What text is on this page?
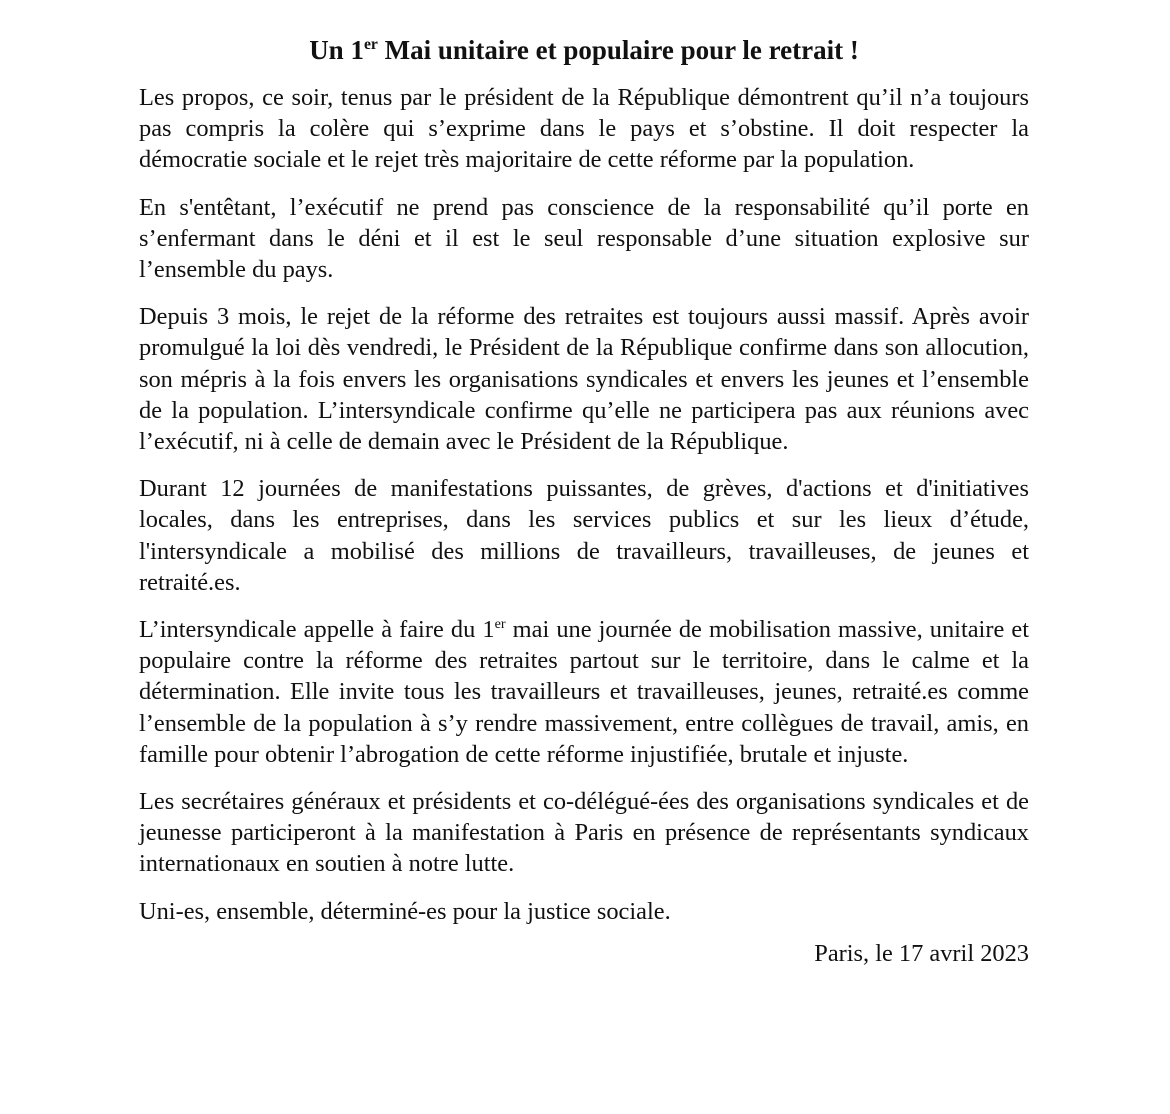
Un 1er Mai unitaire et populaire pour le retrait !

Les propos, ce soir, tenus par le président de la République démontrent qu’il n’a toujours pas compris la colère qui s’exprime dans le pays et s’obstine. Il doit respecter la démocratie sociale et le rejet très majoritaire de cette réforme par la population.

En s'entêtant, l’exécutif ne prend pas conscience de la responsabilité qu’il porte en s’enfermant dans le déni et il est le seul responsable d’une situation explosive sur l’ensemble du pays.

Depuis 3 mois, le rejet de la réforme des retraites est toujours aussi massif. Après avoir promulgué la loi dès vendredi, le Président de la République confirme dans son allocution, son mépris à la fois envers les organisations syndicales et envers les jeunes et l’ensemble de la population. L’intersyndicale confirme qu’elle ne participera pas aux réunions avec l’exécutif, ni à celle de demain avec le Président de la République.

Durant 12 journées de manifestations puissantes, de grèves, d'actions et d'initiatives locales, dans les entreprises, dans les services publics et sur les lieux d’étude, l'intersyndicale a mobilisé des millions de travailleurs, travailleuses, de jeunes et retraité.es.

L’intersyndicale appelle à faire du 1er mai une journée de mobilisation massive, unitaire et populaire contre la réforme des retraites partout sur le territoire, dans le calme et la détermination. Elle invite tous les travailleurs et travailleuses, jeunes, retraité.es comme l’ensemble de la population à s’y rendre massivement, entre collègues de travail, amis, en famille pour obtenir l’abrogation de cette réforme injustifiée, brutale et injuste.

Les secrétaires généraux et présidents et co-délégué-ées des organisations syndicales et de jeunesse participeront à la manifestation à Paris en présence de représentants syndicaux internationaux en soutien à notre lutte.

Uni-es, ensemble, déterminé-es pour la justice sociale.

Paris, le 17 avril 2023
